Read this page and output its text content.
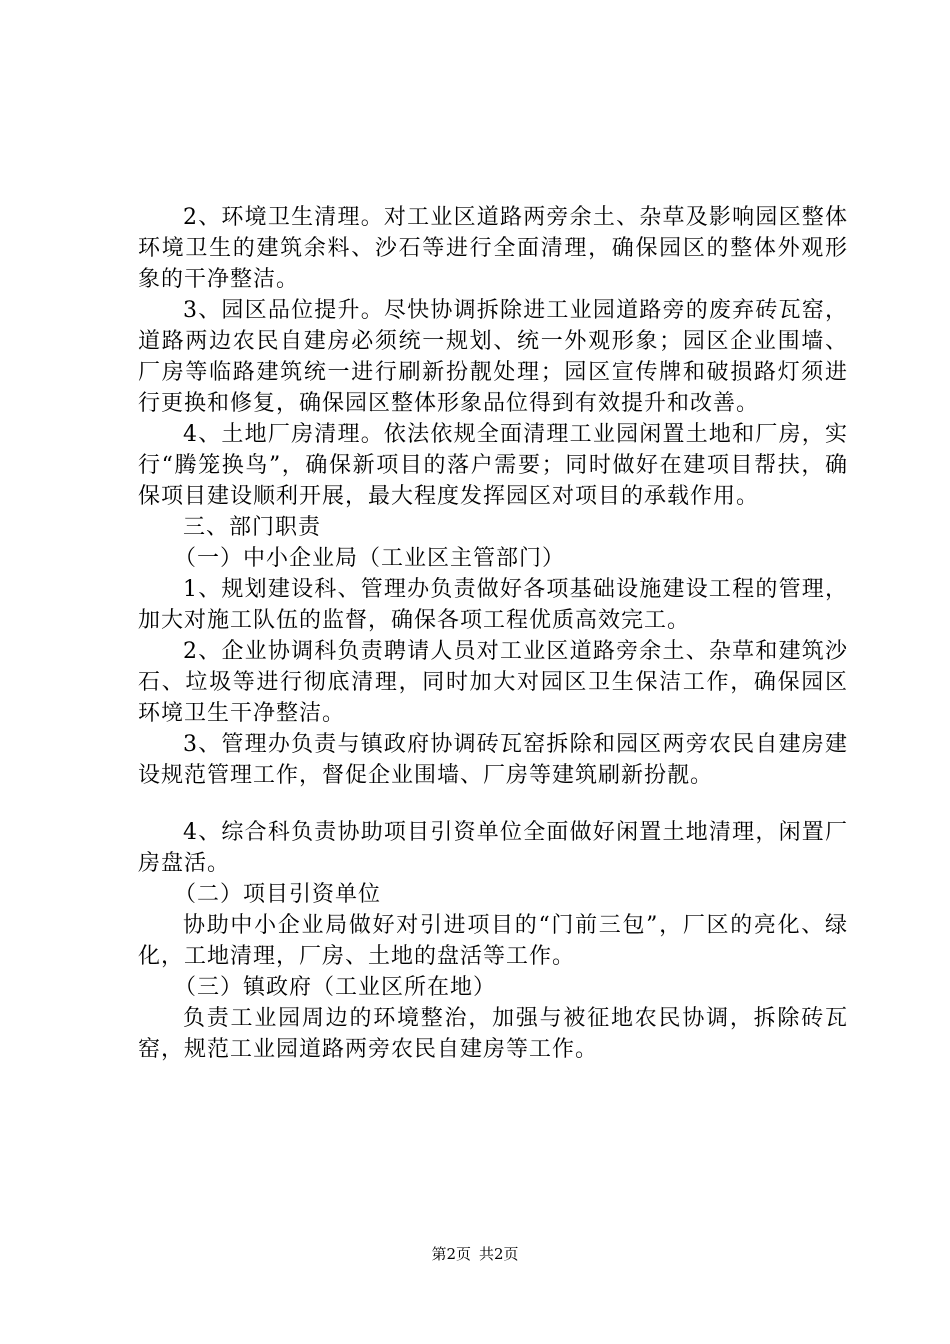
2、环境卫生清理。对工业区道路两旁余土、杂草及影响园区整体环境卫生的建筑余料、沙石等进行全面清理，确保园区的整体外观形象的干净整洁。

3、园区品位提升。尽快协调拆除进工业园道路旁的废弃砖瓦窑，道路两边农民自建房必须统一规划、统一外观形象；园区企业围墙、厂房等临路建筑统一进行刷新扮靓处理；园区宣传牌和破损路灯须进行更换和修复，确保园区整体形象品位得到有效提升和改善。

4、土地厂房清理。依法依规全面清理工业园闲置土地和厂房，实行“腾笼换鸟”，确保新项目的落户需要；同时做好在建项目帮扶，确保项目建设顺利开展，最大程度发挥园区对项目的承载作用。

三、部门职责

（一）中小企业局（工业区主管部门）

1、规划建设科、管理办负责做好各项基础设施建设工程的管理，加大对施工队伍的监督，确保各项工程优质高效完工。

2、企业协调科负责聘请人员对工业区道路旁余土、杂草和建筑沙石、垃圾等进行彻底清理，同时加大对园区卫生保洁工作，确保园区环境卫生干净整洁。

3、管理办负责与镇政府协调砖瓦窑拆除和园区两旁农民自建房建设规范管理工作，督促企业围墙、厂房等建筑刷新扮靓。

4、综合科负责协助项目引资单位全面做好闲置土地清理，闲置厂房盘活。

（二）项目引资单位

协助中小企业局做好对引进项目的“门前三包”，厂区的亮化、绿化，工地清理，厂房、土地的盘活等工作。

（三）镇政府（工业区所在地）

负责工业园周边的环境整治，加强与被征地农民协调，拆除砖瓦窑，规范工业园道路两旁农民自建房等工作。

第2页 共2页
